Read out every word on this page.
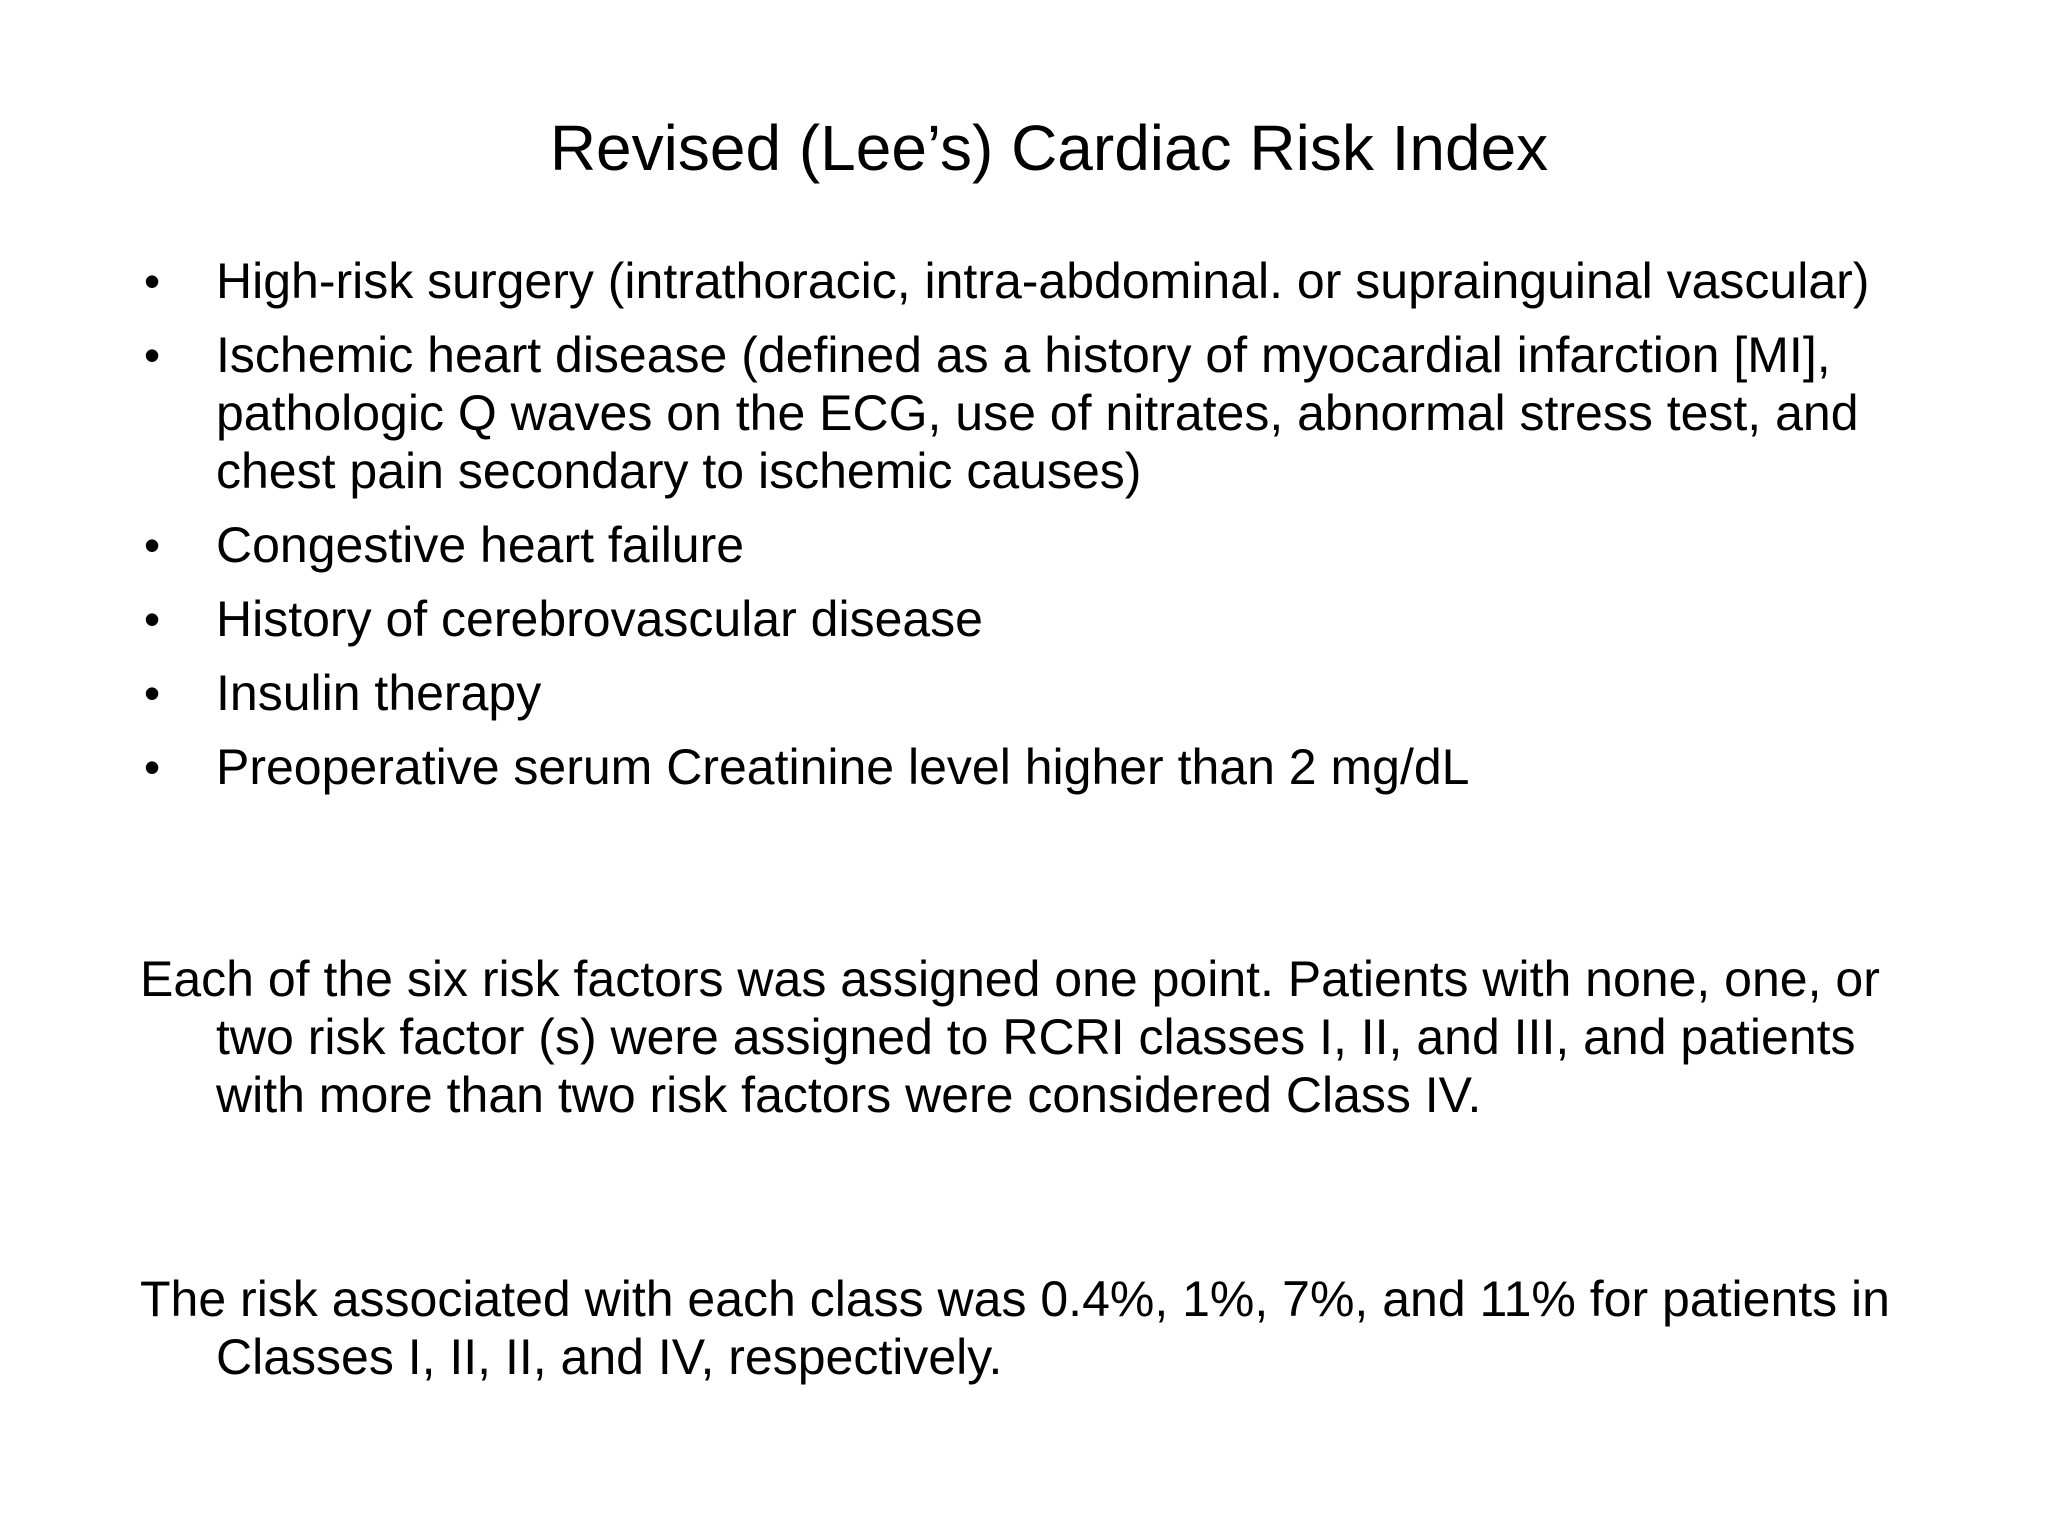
Revised (Lee’s) Cardiac Risk Index
•	High-risk surgery (intrathoracic, intra-abdominal. or suprainguinal vascular)
•	Ischemic heart disease (defined as a history of myocardial infarction [MI], pathologic Q waves on the ECG, use of nitrates, abnormal stress test, and chest pain secondary to ischemic causes)
•	Congestive heart failure
•	History of cerebrovascular disease
•	Insulin therapy
•	Preoperative serum Creatinine level higher than 2 mg/dL

Each of the six risk factors was assigned one point. Patients with none, one, or two risk factor (s) were assigned to RCRI classes I, II, and III, and patients with more than two risk factors were considered Class IV.

The risk associated with each class was 0.4%, 1%, 7%, and 11% for patients in Classes I, II, II, and IV, respectively.
